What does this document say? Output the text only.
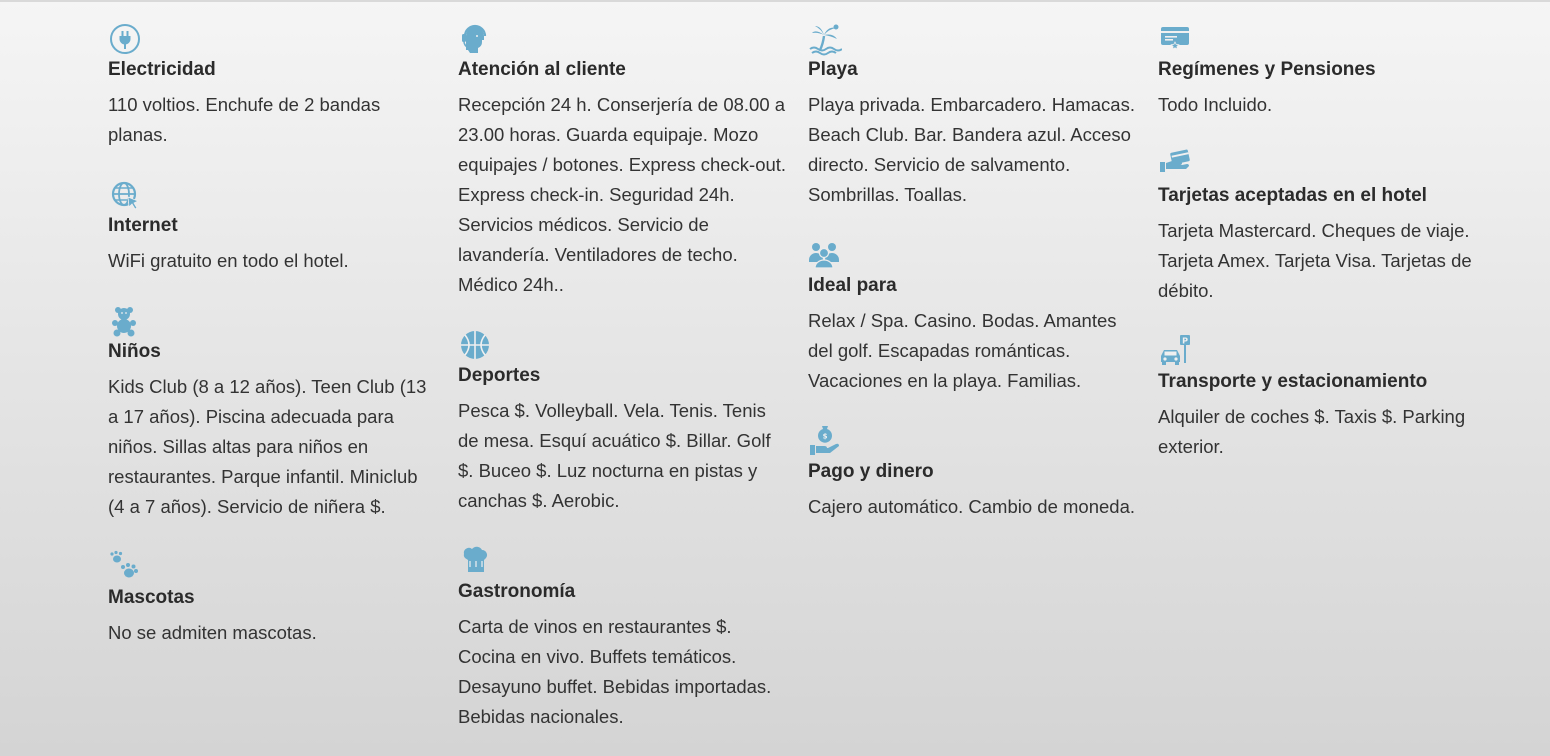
Electricidad

110 voltios. Enchufe de 2 bandas planas.

Internet

WiFi gratuito en todo el hotel.

Niños

Kids Club (8 a 12 años). Teen Club (13 a 17 años). Piscina adecuada para niños. Sillas altas para niños en restaurantes. Parque infantil. Miniclub (4 a 7 años). Servicio de niñera $.

Mascotas

No se admiten mascotas.

Atención al cliente

Recepción 24 h. Conserjería de 08.00 a 23.00 horas. Guarda equipaje. Mozo equipajes / botones. Express check-out. Express check-in. Seguridad 24h. Servicios médicos. Servicio de lavandería. Ventiladores de techo. Médico 24h..

Deportes

Pesca $. Volleyball. Vela. Tenis. Tenis de mesa. Esquí acuático $. Billar. Golf $. Buceo $. Luz nocturna en pistas y canchas $. Aerobic.

Gastronomía

Carta de vinos en restaurantes $. Cocina en vivo. Buffets temáticos. Desayuno buffet. Bebidas importadas. Bebidas nacionales.

Playa

Playa privada. Embarcadero. Hamacas. Beach Club. Bar. Bandera azul. Acceso directo. Servicio de salvamento. Sombrillas. Toallas.

Ideal para

Relax / Spa. Casino. Bodas. Amantes del golf. Escapadas románticas. Vacaciones en la playa. Familias.

$
Pago y dinero

Cajero automático. Cambio de moneda.

Regímenes y Pensiones

Todo Incluido.

Tarjetas aceptadas en el hotel

Tarjeta Mastercard. Cheques de viaje. Tarjeta Amex. Tarjeta Visa. Tarjetas de débito.

P
Transporte y estacionamiento

Alquiler de coches $. Taxis $. Parking exterior.
